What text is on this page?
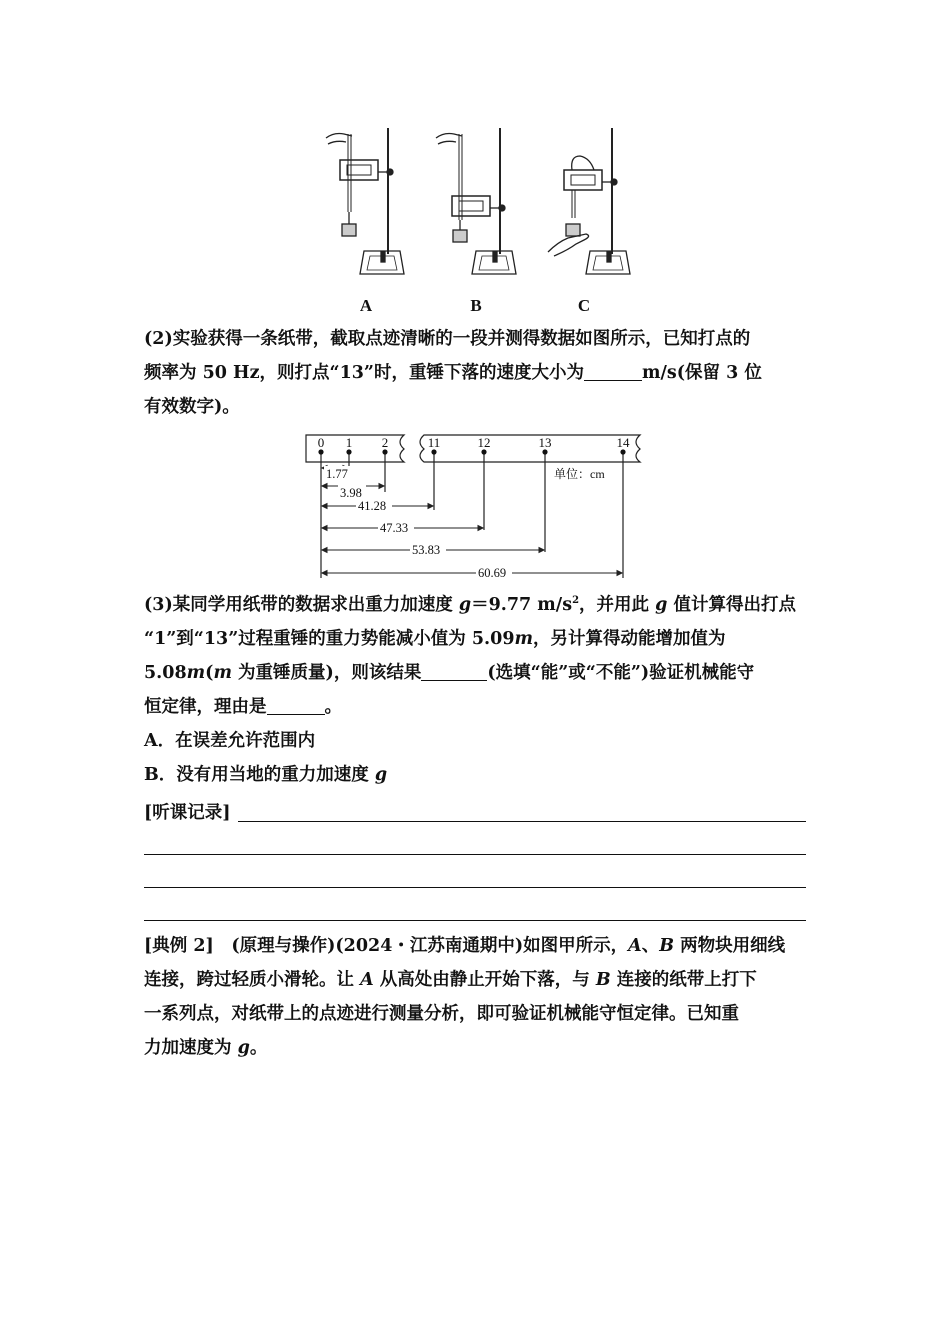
A	B	C
(2)实验获得一条纸带，截取点迹清晰的一段并测得数据如图所示，已知打点的
频率为 50 Hz，则打点“13”时，重锤下落的速度大小为	m/s(保留 3 位
有效数字)。
0 1 2	11	12	13	14
单位：cm
1.77
3.98
41.28
47.33
53.83
60.69
(3)某同学用纸带的数据求出重力加速度 g＝9.77 $m/s^2$，并用此 g 值计算得出打点
“1”到“13”过程重锤的重力势能减小值为 5.09m，另计算得动能增加值为
5.08m(m 为重锤质量)，则该结果	(选填“能”或“不能”)验证机械能守
恒定律，理由是	。
A．在误差允许范围内
B．没有用当地的重力加速度 g
[听课记录]
[典例 2]　(原理与操作)(2024・江苏南通期中)如图甲所示，A、B 两物块用细线
连接，跨过轻质小滑轮。让 A 从高处由静止开始下落，与 B 连接的纸带上打下
一系列点，对纸带上的点迹进行测量分析，即可验证机械能守恒定律。已知重
力加速度为 g。
